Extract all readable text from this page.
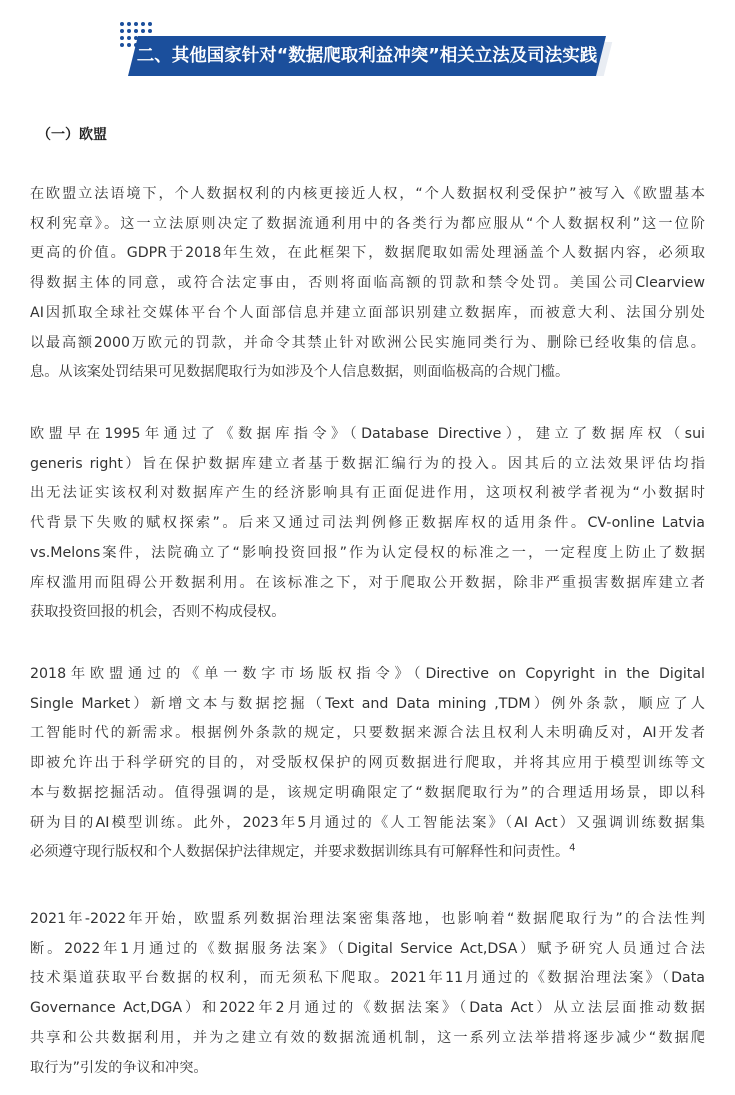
二、其他国家针对“数据爬取利益冲突”相关立法及司法实践
（一）欧盟
在欧盟立法语境下，个人数据权利的内核更接近人权，“个人数据权利受保护”被写入《欧盟基本
权利宪章》。这一立法原则决定了数据流通利用中的各类行为都应服从“个人数据权利”这一位阶
更高的价值。GDPR于2018年生效，在此框架下，数据爬取如需处理涵盖个人数据内容，必须取
得数据主体的同意，或符合法定事由，否则将面临高额的罚款和禁令处罚。美国公司Clearview
AI因抓取全球社交媒体平台个人面部信息并建立面部识别建立数据库，而被意大利、法国分别处
以最高额2000万欧元的罚款，并命令其禁止针对欧洲公民实施同类行为、删除已经收集的信息。
息。从该案处罚结果可见数据爬取行为如涉及个人信息数据，则面临极高的合规门槛。
欧盟早在1995年通过了《数据库指令》（Database Directive），建立了数据库权（sui
generis right）旨在保护数据库建立者基于数据汇编行为的投入。因其后的立法效果评估均指
出无法证实该权利对数据库产生的经济影响具有正面促进作用，这项权利被学者视为“小数据时
代背景下失败的赋权探索”。后来又通过司法判例修正数据库权的适用条件。CV-online Latvia
vs.Melons案件，法院确立了“影响投资回报”作为认定侵权的标准之一，一定程度上防止了数据
库权滥用而阻碍公开数据利用。在该标准之下，对于爬取公开数据，除非严重损害数据库建立者
获取投资回报的机会，否则不构成侵权。
2018年欧盟通过的《单一数字市场版权指令》（Directive on Copyright in the Digital
Single Market）新增文本与数据挖掘（Text and Data mining ,TDM）例外条款，顺应了人
工智能时代的新需求。根据例外条款的规定，只要数据来源合法且权利人未明确反对，AI开发者
即被允许出于科学研究的目的，对受版权保护的网页数据进行爬取，并将其应用于模型训练等文
本与数据挖掘活动。值得强调的是，该规定明确限定了“数据爬取行为”的合理适用场景，即以科
研为目的AI模型训练。此外，2023年5月通过的《人工智能法案》（AI Act）又强调训练数据集
必须遵守现行版权和个人数据保护法律规定，并要求数据训练具有可解释性和问责性。$^4$
2021年-2022年开始，欧盟系列数据治理法案密集落地，也影响着“数据爬取行为”的合法性判
断。2022年1月通过的《数据服务法案》（Digital Service Act,DSA）赋予研究人员通过合法
技术渠道获取平台数据的权利，而无须私下爬取。2021年11月通过的《数据治理法案》（Data
Governance Act,DGA）和2022年2月通过的《数据法案》（Data Act）从立法层面推动数据
共享和公共数据利用，并为之建立有效的数据流通机制，这一系列立法举措将逐步减少“数据爬
取行为”引发的争议和冲突。
